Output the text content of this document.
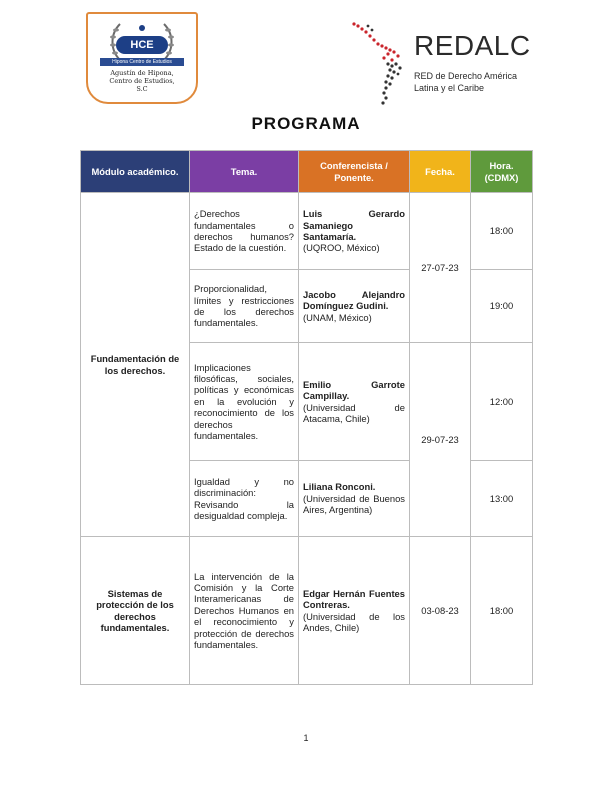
HCE
Hipona Centro de Estudios
Agustín de Hipona,
Centro de Estudios,
S.C
REDALC
RED de Derecho América
Latina y el Caribe
PROGRAMA
Módulo académico.	Tema.	Conferencista / Ponente.	Fecha.	Hora. (CDMX)
Fundamentación de los derechos.	¿Derechos fundamentales o derechos humanos? Estado de la cuestión.	Luis Gerardo Samaniego Santamaría.
(UQROO, México)	27-07-23	18:00
	Proporcionalidad, límites y restricciones de los derechos fundamentales.	Jacobo Alejandro Domínguez Gudini.
(UNAM, México)		19:00
	Implicaciones filosóficas, sociales, políticas y económicas en la evolución y reconocimiento de los derechos fundamentales.	Emilio Garrote Campillay.
(Universidad de Atacama, Chile)	29-07-23	12:00
	Igualdad y no discriminación: Revisando la desigualdad compleja.	Liliana Ronconi.
(Universidad de Buenos Aires, Argentina)		13:00
Sistemas de protección de los derechos fundamentales.	La intervención de la Comisión y la Corte Interamericanas de Derechos Humanos en el reconocimiento y protección de derechos fundamentales.	Edgar Hernán Fuentes Contreras.
(Universidad de los Andes, Chile)	03-08-23	18:00
1
